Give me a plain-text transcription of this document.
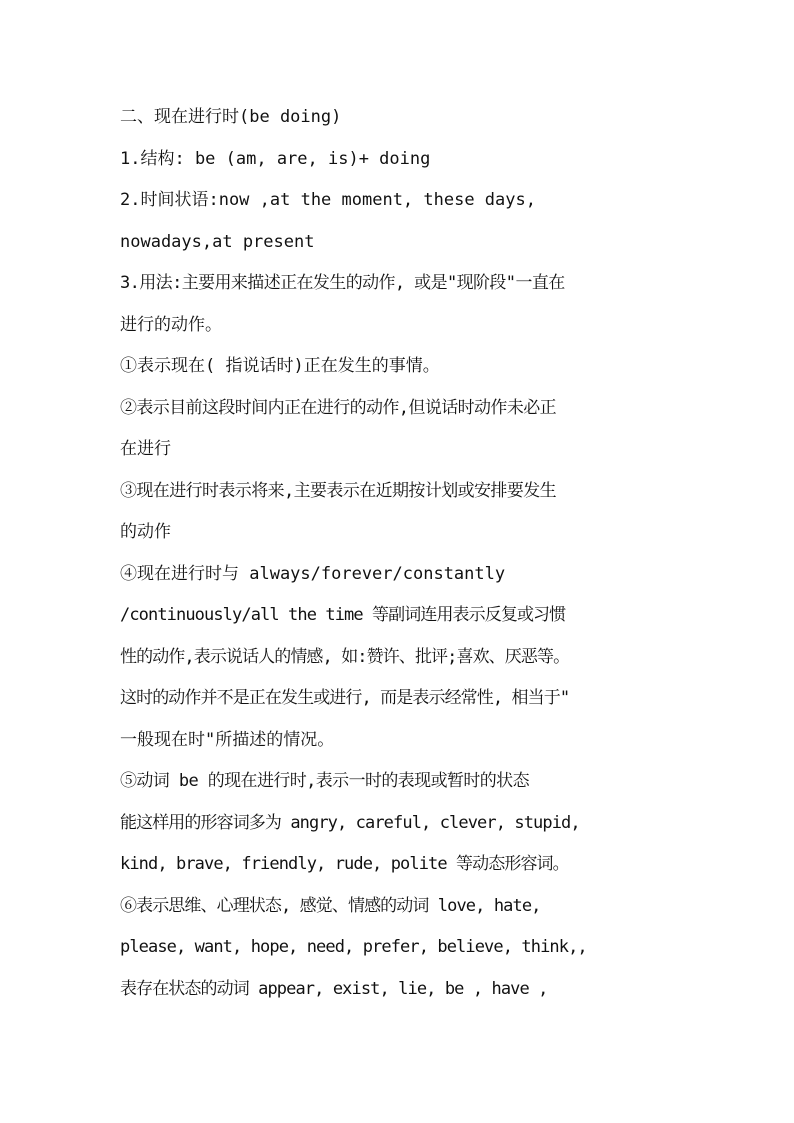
二、现在进行时(be doing)
1.结构: be (am, are, is)+ doing
2.时间状语:now ,at the moment, these days,
nowadays,at present
3.用法:主要用来描述正在发生的动作, 或是"现阶段"一直在
进行的动作。
①表示现在( 指说话时)正在发生的事情。
②表示目前这段时间内正在进行的动作,但说话时动作未必正
在进行
③现在进行时表示将来,主要表示在近期按计划或安排要发生
的动作
④现在进行时与 always/forever/constantly
/continuously/all the time 等副词连用表示反复或习惯
性的动作,表示说话人的情感, 如:赞许、批评;喜欢、厌恶等。
这时的动作并不是正在发生或进行, 而是表示经常性, 相当于"
一般现在时"所描述的情况。
⑤动词 be 的现在进行时,表示一时的表现或暂时的状态
能这样用的形容词多为 angry, careful, clever, stupid,
kind, brave, friendly, rude, polite 等动态形容词。
⑥表示思维、心理状态, 感觉、情感的动词 love, hate,
please, want, hope, need, prefer, believe, think,,
表存在状态的动词 appear, exist, lie, be , have ,
